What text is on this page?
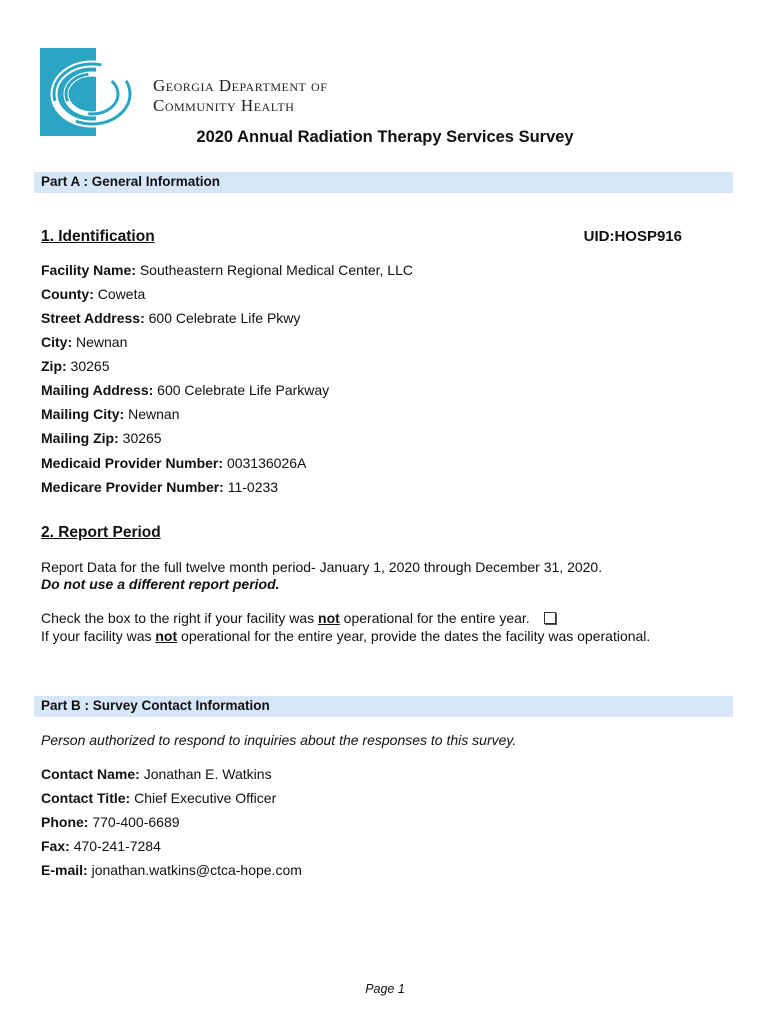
Georgia Department of
Community Health
2020 Annual Radiation Therapy Services Survey
Part A : General Information
1. Identification	UID:HOSP916
Facility Name: Southeastern Regional Medical Center, LLC
County: Coweta
Street Address: 600 Celebrate Life Pkwy
City: Newnan
Zip: 30265
Mailing Address: 600 Celebrate Life Parkway
Mailing City: Newnan
Mailing Zip: 30265
Medicaid Provider Number: 003136026A
Medicare Provider Number: 11-0233
2. Report Period
Report Data for the full twelve month period- January 1, 2020 through December 31, 2020.
Do not use a different report period.
Check the box to the right if your facility was not operational for the entire year.
If your facility was not operational for the entire year, provide the dates the facility was operational.
Part B : Survey Contact Information
Person authorized to respond to inquiries about the responses to this survey.
Contact Name: Jonathan E. Watkins
Contact Title: Chief Executive Officer
Phone: 770-400-6689
Fax: 470-241-7284
E-mail: jonathan.watkins@ctca-hope.com
Page 1
